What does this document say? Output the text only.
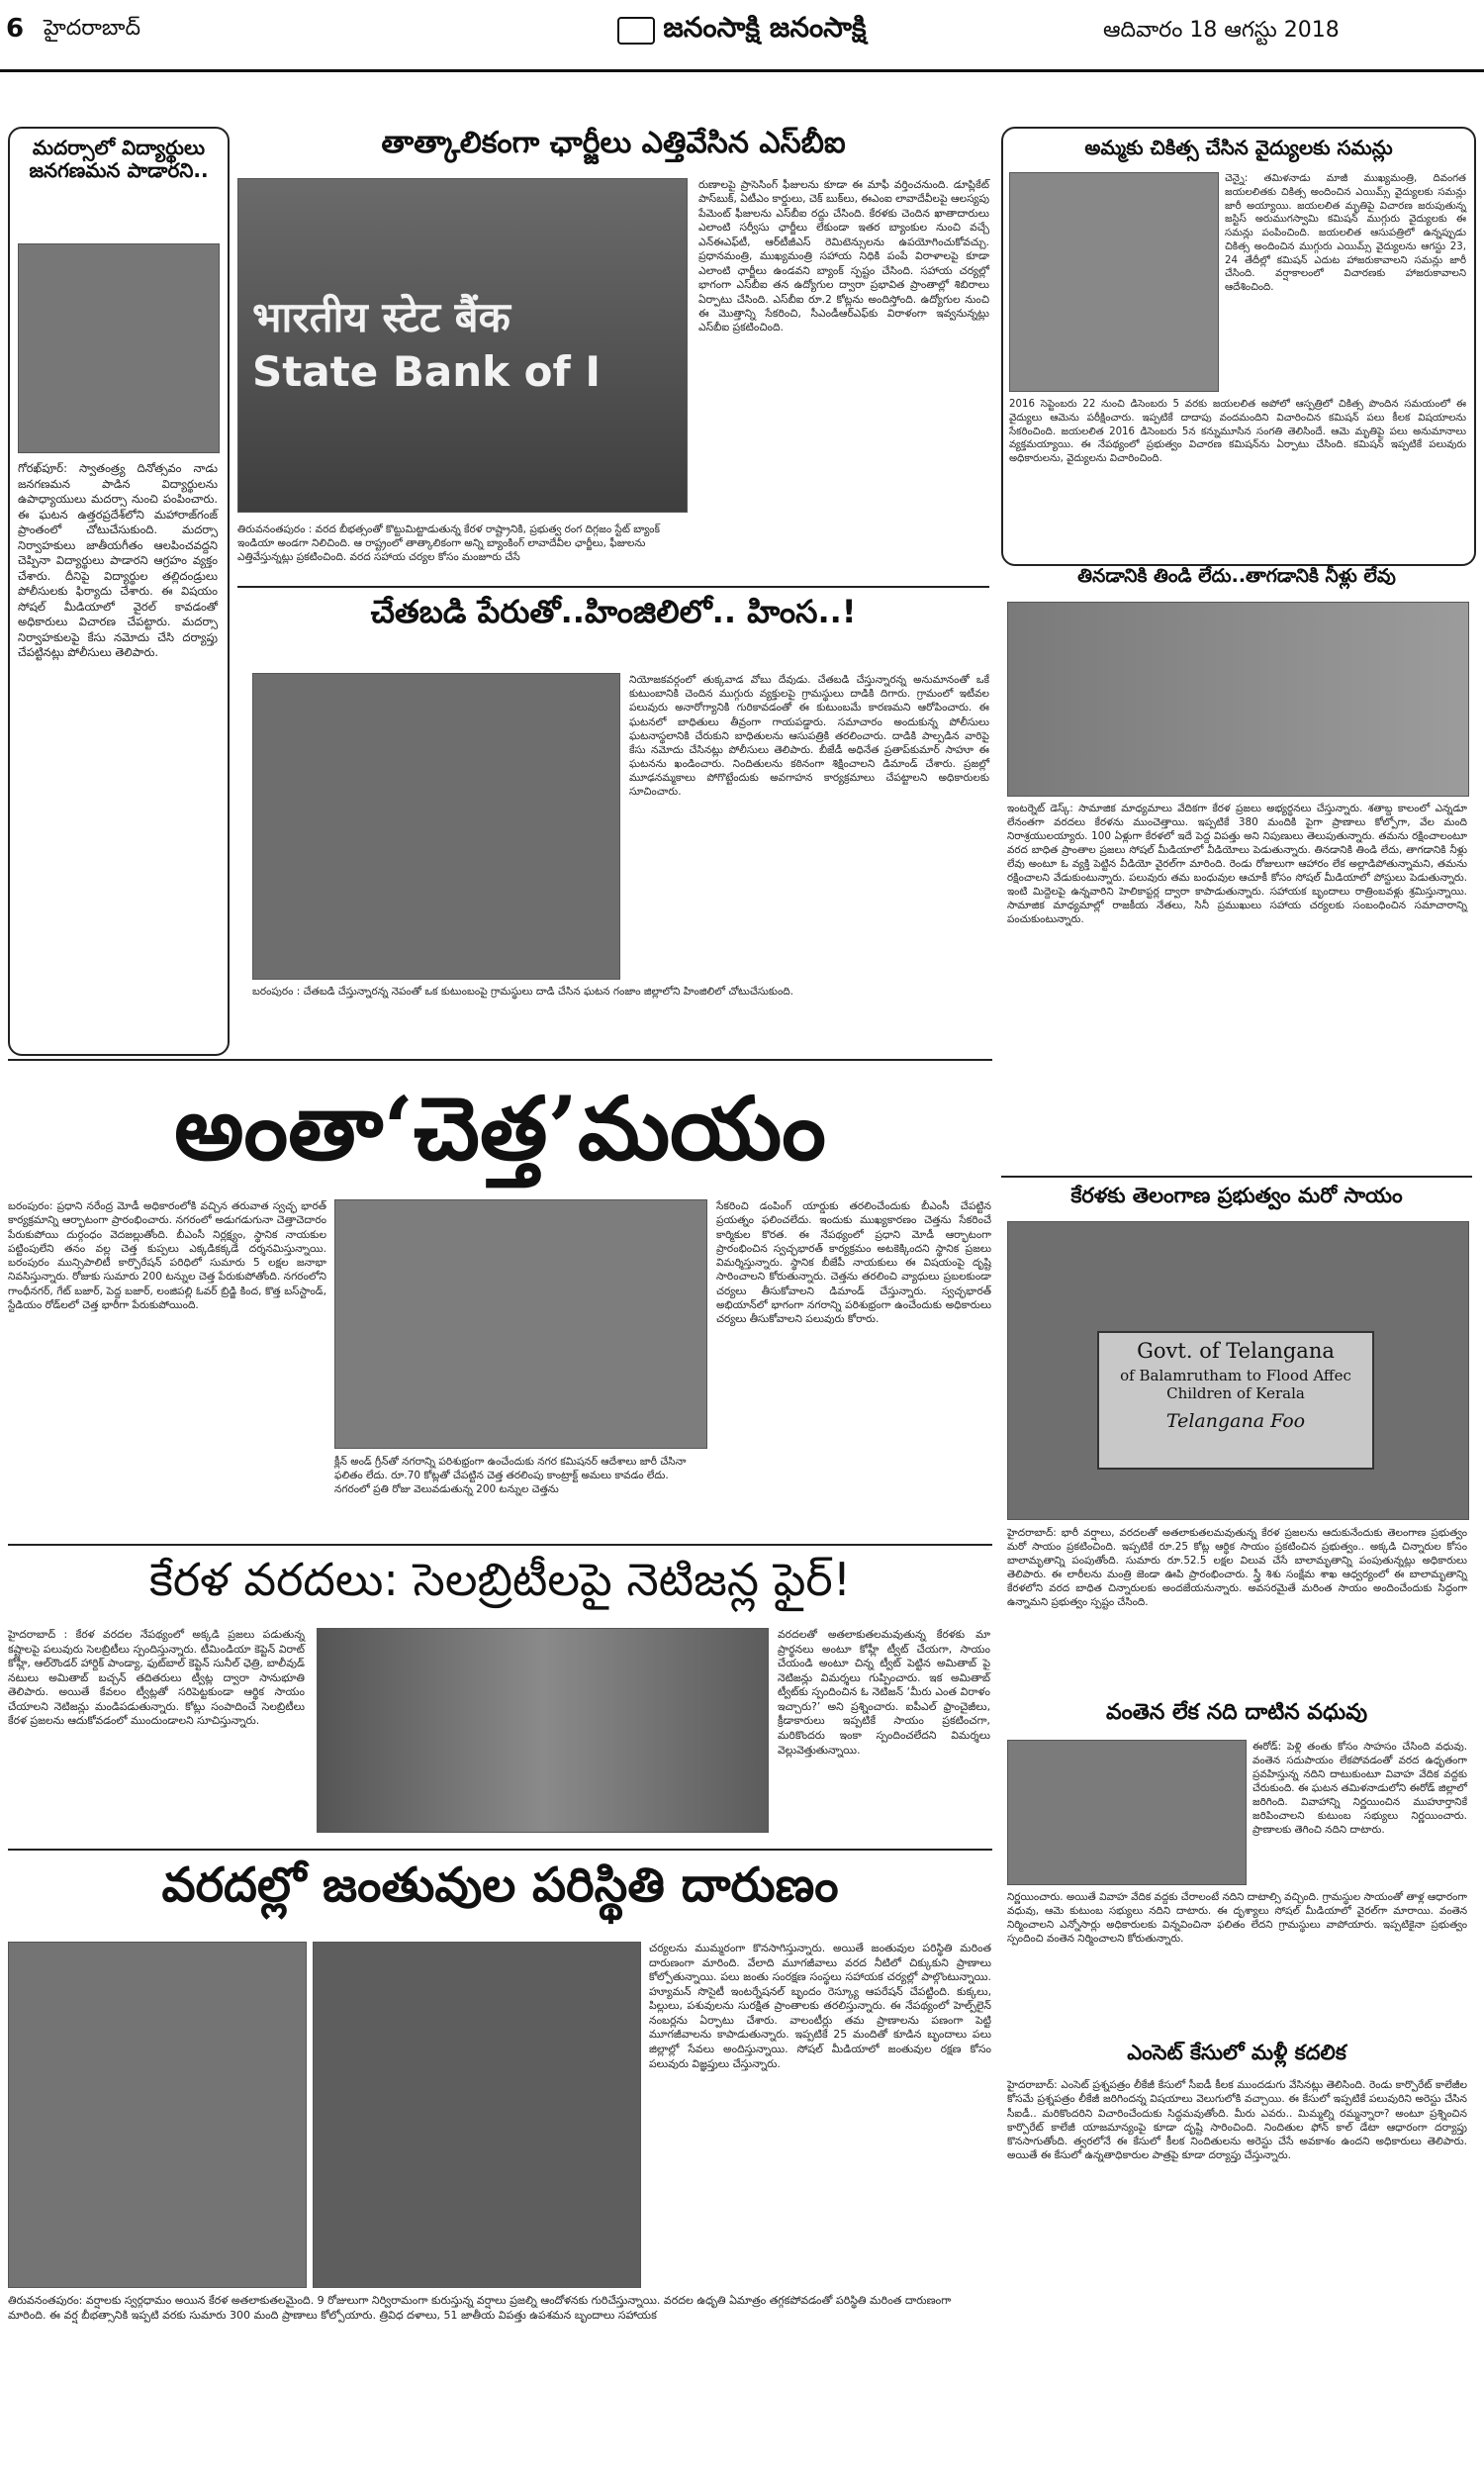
6 హైదరాబాద్	జనంసాక్షి జనంసాక్షి	ఆదివారం 18 ఆగస్టు 2018
మదర్సాలో విద్యార్థులు జనగణమన పాడారని..
గోరఖ్‌పూర్: స్వాతంత్ర్య దినోత్సవం నాడు జనగణమన పాడిన విద్యార్థులను ఉపాధ్యాయులు మదర్సా నుంచి పంపించారు. ఈ ఘటన ఉత్తరప్రదేశ్‌లోని మహారాజ్‌గంజ్ ప్రాంతంలో చోటుచేసుకుంది. మదర్సా నిర్వాహకులు జాతీయగీతం ఆలపించవద్దని చెప్పినా విద్యార్థులు పాడారని ఆగ్రహం వ్యక్తం చేశారు. దీనిపై విద్యార్థుల తల్లిదండ్రులు పోలీసులకు ఫిర్యాదు చేశారు. ఈ విషయం సోషల్ మీడియాలో వైరల్ కావడంతో అధికారులు విచారణ చేపట్టారు. మదర్సా నిర్వాహకులపై కేసు నమోదు చేసి దర్యాప్తు చేపట్టినట్లు పోలీసులు తెలిపారు.
తాత్కాలికంగా ఛార్జీలు ఎత్తివేసిన ఎస్‌బీఐ
भारतीय स्टेट बैंक
State Bank of I
తిరువనంతపురం : వరద బీభత్సంతో కొట్టుమిట్టాడుతున్న కేరళ రాష్ట్రానికి, ప్రభుత్వ రంగ దిగ్గజం స్టేట్ బ్యాంక్ ఇండియా అండగా నిలిచింది. ఆ రాష్ట్రంలో తాత్కాలికంగా అన్ని బ్యాంకింగ్ లావాదేవీల ఛార్జీలు, ఫీజులను ఎత్తివేస్తున్నట్లు ప్రకటించింది. వరద సహాయ చర్యల కోసం మంజూరు చేసే
రుణాలపై ప్రాసెసింగ్ ఫీజులను కూడా ఈ మాఫీ వర్తించనుంది. డూప్లికేట్ పాస్‌బుక్, ఏటీఎం కార్డులు, చెక్ బుక్‌లు, ఈఎంఐ లావాదేవీలపై ఆలస్యపు పేమెంట్ ఫీజులను ఎస్‌బీఐ రద్దు చేసింది. కేరళకు చెందిన ఖాతాదారులు ఎలాంటి సర్వీసు ఛార్జీలు లేకుండా ఇతర బ్యాంకుల నుంచి వచ్చే ఎన్‌ఈఎఫ్‌టీ, ఆర్‌టీజీఎస్ రెమిటెన్సులను ఉపయోగించుకోవచ్చు. ప్రధానమంత్రి, ముఖ్యమంత్రి సహాయ నిధికి పంపే విరాళాలపై కూడా ఎలాంటి ఛార్జీలు ఉండవని బ్యాంక్ స్పష్టం చేసింది. సహాయ చర్యల్లో భాగంగా ఎస్‌బీఐ తన ఉద్యోగుల ద్వారా ప్రభావిత ప్రాంతాల్లో శిబిరాలు ఏర్పాటు చేసింది. ఎస్‌బీఐ రూ.2 కోట్లను అందిస్తోంది. ఉద్యోగుల నుంచి ఈ మొత్తాన్ని సేకరించి, సీఎండీఆర్‌ఎఫ్‌కు విరాళంగా ఇవ్వనున్నట్లు ఎస్‌బీఐ ప్రకటించింది.
చేతబడి పేరుతో..హింజిలిలో.. హింస..!
నియోజకవర్గంలో తుక్కవాడ వోబు దేవుడు. చేతబడి చేస్తున్నారన్న అనుమానంతో ఒకే కుటుంబానికి చెందిన ముగ్గురు వ్యక్తులపై గ్రామస్థులు దాడికి దిగారు. గ్రామంలో ఇటీవల పలువురు అనారోగ్యానికి గురికావడంతో ఈ కుటుంబమే కారణమని ఆరోపించారు. ఈ ఘటనలో బాధితులు తీవ్రంగా గాయపడ్డారు. సమాచారం అందుకున్న పోలీసులు ఘటనాస్థలానికి చేరుకుని బాధితులను ఆసుపత్రికి తరలించారు. దాడికి పాల్పడిన వారిపై కేసు నమోదు చేసినట్లు పోలీసులు తెలిపారు. బీజేడీ అధినేత ప్రతాప్‌కుమార్ సాహూ ఈ ఘటనను ఖండించారు. నిందితులను కఠినంగా శిక్షించాలని డిమాండ్ చేశారు. ప్రజల్లో మూఢనమ్మకాలు పోగొట్టేందుకు అవగాహన కార్యక్రమాలు చేపట్టాలని అధికారులకు సూచించారు.
బరంపురం : చేతబడి చేస్తున్నారన్న నెపంతో ఒక కుటుంబంపై గ్రామస్థులు దాడి చేసిన ఘటన గంజాం జిల్లాలోని హింజిలిలో చోటుచేసుకుంది.
అంతా‘చెత్త’మయం
బరంపురం: ప్రధాని నరేంద్ర మోడీ అధికారంలోకి వచ్చిన తరువాత స్వచ్ఛ భారత్ కార్యక్రమాన్ని ఆర్భాటంగా ప్రారంభించారు. నగరంలో అడుగడుగునా చెత్తాచెదారం పేరుకుపోయి దుర్గంధం వెదజల్లుతోంది. బీఎంసీ నిర్లక్ష్యం, స్థానిక నాయకుల పట్టింపులేని తనం వల్ల చెత్త కుప్పలు ఎక్కడికక్కడే దర్శనమిస్తున్నాయి. బరంపురం మున్సిపాలిటీ కార్పొరేషన్ పరిధిలో సుమారు 5 లక్షల జనాభా నివసిస్తున్నారు. రోజుకు సుమారు 200 టన్నుల చెత్త పేరుకుపోతోంది. నగరంలోని గాంధీనగర్, గేట్ బజార్, పెద్ద బజార్, లంజిపల్లి ఓవర్ బ్రిడ్జి కింద, కొత్త బస్‌స్టాండ్, స్టేడియం రోడ్‌లలో చెత్త భారీగా పేరుకుపోయింది.
క్లీన్ అండ్ గ్రీన్‌తో నగరాన్ని పరిశుభ్రంగా ఉంచేందుకు నగర కమిషనర్ ఆదేశాలు జారీ చేసినా ఫలితం లేదు. రూ.70 కోట్లతో చేపట్టిన చెత్త తరలింపు కాంట్రాక్ట్ అమలు కావడం లేదు. నగరంలో ప్రతి రోజు వెలువడుతున్న 200 టన్నుల చెత్తను
సేకరించి డంపింగ్ యార్డుకు తరలించేందుకు బీఎంసీ చేపట్టిన ప్రయత్నం ఫలించలేదు. ఇందుకు ముఖ్యకారణం చెత్తను సేకరించే కార్మికుల కొరత. ఈ నేపథ్యంలో ప్రధాని మోడీ ఆర్భాటంగా ప్రారంభించిన స్వచ్ఛభారత్ కార్యక్రమం అటకెక్కిందని స్థానిక ప్రజలు విమర్శిస్తున్నారు. స్థానిక బీజేపీ నాయకులు ఈ విషయంపై దృష్టి సారించాలని కోరుతున్నారు. చెత్తను తరలించి వ్యాధులు ప్రబలకుండా చర్యలు తీసుకోవాలని డిమాండ్ చేస్తున్నారు. స్వచ్ఛభారత్ అభియాన్‌లో భాగంగా నగరాన్ని పరిశుభ్రంగా ఉంచేందుకు అధికారులు చర్యలు తీసుకోవాలని పలువురు కోరారు.
కేరళ వరదలు: సెలబ్రిటీలపై నెటిజన్ల ఫైర్!
హైదరాబాద్ : కేరళ వరదల నేపథ్యంలో అక్కడి ప్రజలు పడుతున్న కష్టాలపై పలువురు సెలబ్రిటీలు స్పందిస్తున్నారు. టీమిండియా కెప్టెన్ విరాట్ కోహ్లీ, ఆల్‌రౌండర్ హార్దిక్ పాండ్యా, ఫుట్‌బాల్ కెప్టెన్ సునీల్ ఛెత్రి, బాలీవుడ్ నటులు అమితాబ్ బచ్చన్ తదితరులు ట్వీట్ల ద్వారా సానుభూతి తెలిపారు. అయితే కేవలం ట్వీట్లతో సరిపెట్టకుండా ఆర్థిక సాయం చేయాలని నెటిజన్లు మండిపడుతున్నారు. కోట్లు సంపాదించే సెలబ్రిటీలు కేరళ ప్రజలను ఆదుకోవడంలో ముందుండాలని సూచిస్తున్నారు.
వరదలతో అతలాకుతలమవుతున్న కేరళకు మా ప్రార్థనలు అంటూ కోహ్లీ ట్వీట్ చేయగా, సాయం చేయండి అంటూ చిన్న ట్వీట్ పెట్టిన అమితాబ్ పై నెటిజన్లు విమర్శలు గుప్పించారు. ఇక అమితాబ్ ట్వీట్‌కు స్పందించిన ఓ నెటిజన్ ‘మీరు ఎంత విరాళం ఇచ్చారు?’ అని ప్రశ్నించారు. ఐపీఎల్ ఫ్రాంచైజీలు, క్రీడాకారులు ఇప్పటికే సాయం ప్రకటించగా, మరికొందరు ఇంకా స్పందించలేదని విమర్శలు వెల్లువెత్తుతున్నాయి.
వరదల్లో జంతువుల పరిస్థితి దారుణం
చర్యలను ముమ్మరంగా కొనసాగిస్తున్నారు. అయితే జంతువుల పరిస్థితి మరింత దారుణంగా మారింది. వేలాది మూగజీవాలు వరద నీటిలో చిక్కుకుని ప్రాణాలు కోల్పోతున్నాయి. పలు జంతు సంరక్షణ సంస్థలు సహాయక చర్యల్లో పాల్గొంటున్నాయి. హ్యూమన్ సొసైటీ ఇంటర్నేషనల్ బృందం రెస్క్యూ ఆపరేషన్ చేపట్టింది. కుక్కలు, పిల్లులు, పశువులను సురక్షిత ప్రాంతాలకు తరలిస్తున్నారు. ఈ నేపథ్యంలో హెల్ప్‌లైన్ నంబర్లను ఏర్పాటు చేశారు. వాలంటీర్లు తమ ప్రాణాలను పణంగా పెట్టి మూగజీవాలను కాపాడుతున్నారు. ఇప్పటికే 25 మందితో కూడిన బృందాలు పలు జిల్లాల్లో సేవలు అందిస్తున్నాయి. సోషల్ మీడియాలో జంతువుల రక్షణ కోసం పలువురు విజ్ఞప్తులు చేస్తున్నారు.
తిరువనంతపురం: వర్షాలకు స్వర్గధామం అయిన కేరళ అతలాకుతలమైంది. 9 రోజులుగా నిర్విరామంగా కురుస్తున్న వర్షాలు ప్రజల్ని ఆందోళనకు గురిచేస్తున్నాయి. వరదల ఉధృతి ఏమాత్రం తగ్గకపోవడంతో పరిస్థితి మరింత దారుణంగా మారింది. ఈ వర్ష బీభత్సానికి ఇప్పటి వరకు సుమారు 300 మంది ప్రాణాలు కోల్పోయారు. త్రివిధ దళాలు, 51 జాతీయ విపత్తు ఉపశమన బృందాలు సహాయక
అమ్మకు చికిత్స చేసిన వైద్యులకు సమన్లు
చెన్నై: తమిళనాడు మాజీ ముఖ్యమంత్రి, దివంగత జయలలితకు చికిత్స అందించిన ఎయిమ్స్ వైద్యులకు సమన్లు జారీ అయ్యాయి. జయలలిత మృతిపై విచారణ జరుపుతున్న జస్టిస్ అరుముగస్వామి కమిషన్ ముగ్గురు వైద్యులకు ఈ సమన్లు పంపించింది. జయలలిత ఆసుపత్రిలో ఉన్నప్పుడు చికిత్స అందించిన ముగ్గురు ఎయిమ్స్ వైద్యులను ఆగస్టు 23, 24 తేదీల్లో కమిషన్ ఎదుట హాజరుకావాలని సమన్లు జారీ చేసింది. వర్షాకాలంలో విచారణకు హాజరుకావాలని ఆదేశించింది.
2016 సెప్టెంబరు 22 నుంచి డిసెంబరు 5 వరకు జయలలిత అపోలో ఆస్పత్రిలో చికిత్స పొందిన సమయంలో ఈ వైద్యులు ఆమెను పరీక్షించారు. ఇప్పటికే దాదాపు వందమందిని విచారించిన కమిషన్ పలు కీలక విషయాలను సేకరించింది. జయలలిత 2016 డిసెంబరు 5న కన్నుమూసిన సంగతి తెలిసిందే. ఆమె మృతిపై పలు అనుమానాలు వ్యక్తమయ్యాయి. ఈ నేపథ్యంలో ప్రభుత్వం విచారణ కమిషన్‌ను ఏర్పాటు చేసింది. కమిషన్ ఇప్పటికే పలువురు అధికారులను, వైద్యులను విచారించింది.
తినడానికి తిండి లేదు..తాగడానికి నీళ్లు లేవు
ఇంటర్నెట్ డెస్క్: సామాజిక మాధ్యమాలు వేదికగా కేరళ ప్రజలు అభ్యర్థనలు చేస్తున్నారు. శతాబ్ద కాలంలో ఎన్నడూ లేనంతగా వరదలు కేరళను ముంచెత్తాయి. ఇప్పటికే 380 మందికి పైగా ప్రాణాలు కోల్పోగా, వేల మంది నిరాశ్రయులయ్యారు. 100 ఏళ్లుగా కేరళలో ఇదే పెద్ద విపత్తు అని నిపుణులు తెలుపుతున్నారు. తమను రక్షించాలంటూ వరద బాధిత ప్రాంతాల ప్రజలు సోషల్ మీడియాలో వీడియోలు పెడుతున్నారు. తినడానికి తిండి లేదు, తాగడానికి నీళ్లు లేవు అంటూ ఓ వ్యక్తి పెట్టిన వీడియో వైరల్‌గా మారింది. రెండు రోజులుగా ఆహారం లేక అల్లాడిపోతున్నామని, తమను రక్షించాలని వేడుకుంటున్నారు. పలువురు తమ బంధువుల ఆచూకీ కోసం సోషల్ మీడియాలో పోస్టులు పెడుతున్నారు. ఇంటి మిద్దెలపై ఉన్నవారిని హెలికాప్టర్ల ద్వారా కాపాడుతున్నారు. సహాయక బృందాలు రాత్రింబవళ్లు శ్రమిస్తున్నాయి. సామాజిక మాధ్యమాల్లో రాజకీయ నేతలు, సినీ ప్రముఖులు సహాయ చర్యలకు సంబంధించిన సమాచారాన్ని పంచుకుంటున్నారు.
కేరళకు తెలంగాణ ప్రభుత్వం మరో సాయం
Govt. of Telangana
of Balamrutham to Flood Affec
Children of Kerala
Telangana Foo
హైదరాబాద్: భారీ వర్షాలు, వరదలతో అతలాకుతలమవుతున్న కేరళ ప్రజలను ఆదుకునేందుకు తెలంగాణ ప్రభుత్వం మరో సాయం ప్రకటించింది. ఇప్పటికే రూ.25 కోట్ల ఆర్థిక సాయం ప్రకటించిన ప్రభుత్వం.. అక్కడి చిన్నారుల కోసం బాలామృతాన్ని పంపుతోంది. సుమారు రూ.52.5 లక్షల విలువ చేసే బాలామృతాన్ని పంపుతున్నట్లు అధికారులు తెలిపారు. ఈ లారీలను మంత్రి జెండా ఊపి ప్రారంభించారు. స్త్రీ శిశు సంక్షేమ శాఖ ఆధ్వర్యంలో ఈ బాలామృతాన్ని కేరళలోని వరద బాధిత చిన్నారులకు అందజేయనున్నారు. అవసరమైతే మరింత సాయం అందించేందుకు సిద్ధంగా ఉన్నామని ప్రభుత్వం స్పష్టం చేసింది.
వంతెన లేక నది దాటిన వధువు
ఈరోడ్: పెళ్లి తంతు కోసం సాహసం చేసింది వధువు. వంతెన సదుపాయం లేకపోవడంతో వరద ఉధృతంగా ప్రవహిస్తున్న నదిని దాటుకుంటూ వివాహ వేదిక వద్దకు చేరుకుంది. ఈ ఘటన తమిళనాడులోని ఈరోడ్ జిల్లాలో జరిగింది. వివాహాన్ని నిర్ణయించిన ముహూర్తానికే జరిపించాలని కుటుంబ సభ్యులు నిర్ణయించారు. ప్రాణాలకు తెగించి నదిని దాటారు.
నిర్ణయించారు. అయితే వివాహ వేదిక వద్దకు చేరాలంటే నదిని దాటాల్సి వచ్చింది. గ్రామస్థుల సాయంతో తాళ్ల ఆధారంగా వధువు, ఆమె కుటుంబ సభ్యులు నదిని దాటారు. ఈ దృశ్యాలు సోషల్ మీడియాలో వైరల్‌గా మారాయి. వంతెన నిర్మించాలని ఎన్నోసార్లు అధికారులకు విన్నవించినా ఫలితం లేదని గ్రామస్థులు వాపోయారు. ఇప్పటికైనా ప్రభుత్వం స్పందించి వంతెన నిర్మించాలని కోరుతున్నారు.
ఎంసెట్ కేసులో మళ్లీ కదలిక
హైదరాబాద్: ఎంసెట్ ప్రశ్నపత్రం లీకేజీ కేసులో సీఐడీ కీలక ముందడుగు వేసినట్లు తెలిసింది. రెండు కార్పొరేట్ కాలేజీల కోసమే ప్రశ్నపత్రం లీకేజీ జరిగిందన్న విషయాలు వెలుగులోకి వచ్చాయి. ఈ కేసులో ఇప్పటికే పలువురిని అరెస్టు చేసిన సీఐడీ.. మరికొందరిని విచారించేందుకు సిద్ధమవుతోంది. మీరు ఎవరు.. మిమ్మల్ని రమ్మన్నారా? అంటూ ప్రశ్నించిన కార్పొరేట్ కాలేజీ యాజమాన్యంపై కూడా దృష్టి సారించింది. నిందితుల ఫోన్ కాల్ డేటా ఆధారంగా దర్యాప్తు కొనసాగుతోంది. త్వరలోనే ఈ కేసులో కీలక నిందితులను అరెస్టు చేసే అవకాశం ఉందని అధికారులు తెలిపారు. అయితే ఈ కేసులో ఉన్నతాధికారుల పాత్రపై కూడా దర్యాప్తు చేస్తున్నారు.
